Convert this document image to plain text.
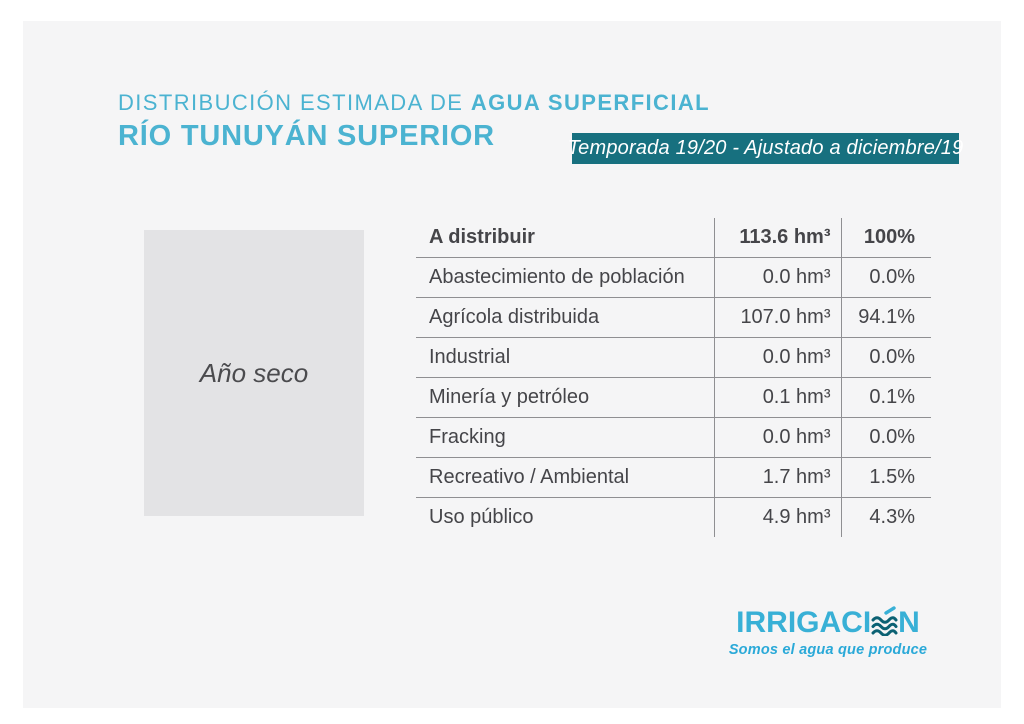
DISTRIBUCIÓN ESTIMADA DE AGUA SUPERFICIAL
RÍO TUNUYÁN SUPERIOR	Temporada 19/20 - Ajustado a diciembre/19
Año seco
A distribuir	113.6 hm³	100%
Abastecimiento de población	0.0 hm³	0.0%
Agrícola distribuida	107.0 hm³	94.1%
Industrial	0.0 hm³	0.0%
Minería y petróleo	0.1 hm³	0.1%
Fracking	0.0 hm³	0.0%
Recreativo / Ambiental	1.7 hm³	1.5%
Uso público	4.9 hm³	4.3%
IRRIGACI N
Somos el agua que produce
